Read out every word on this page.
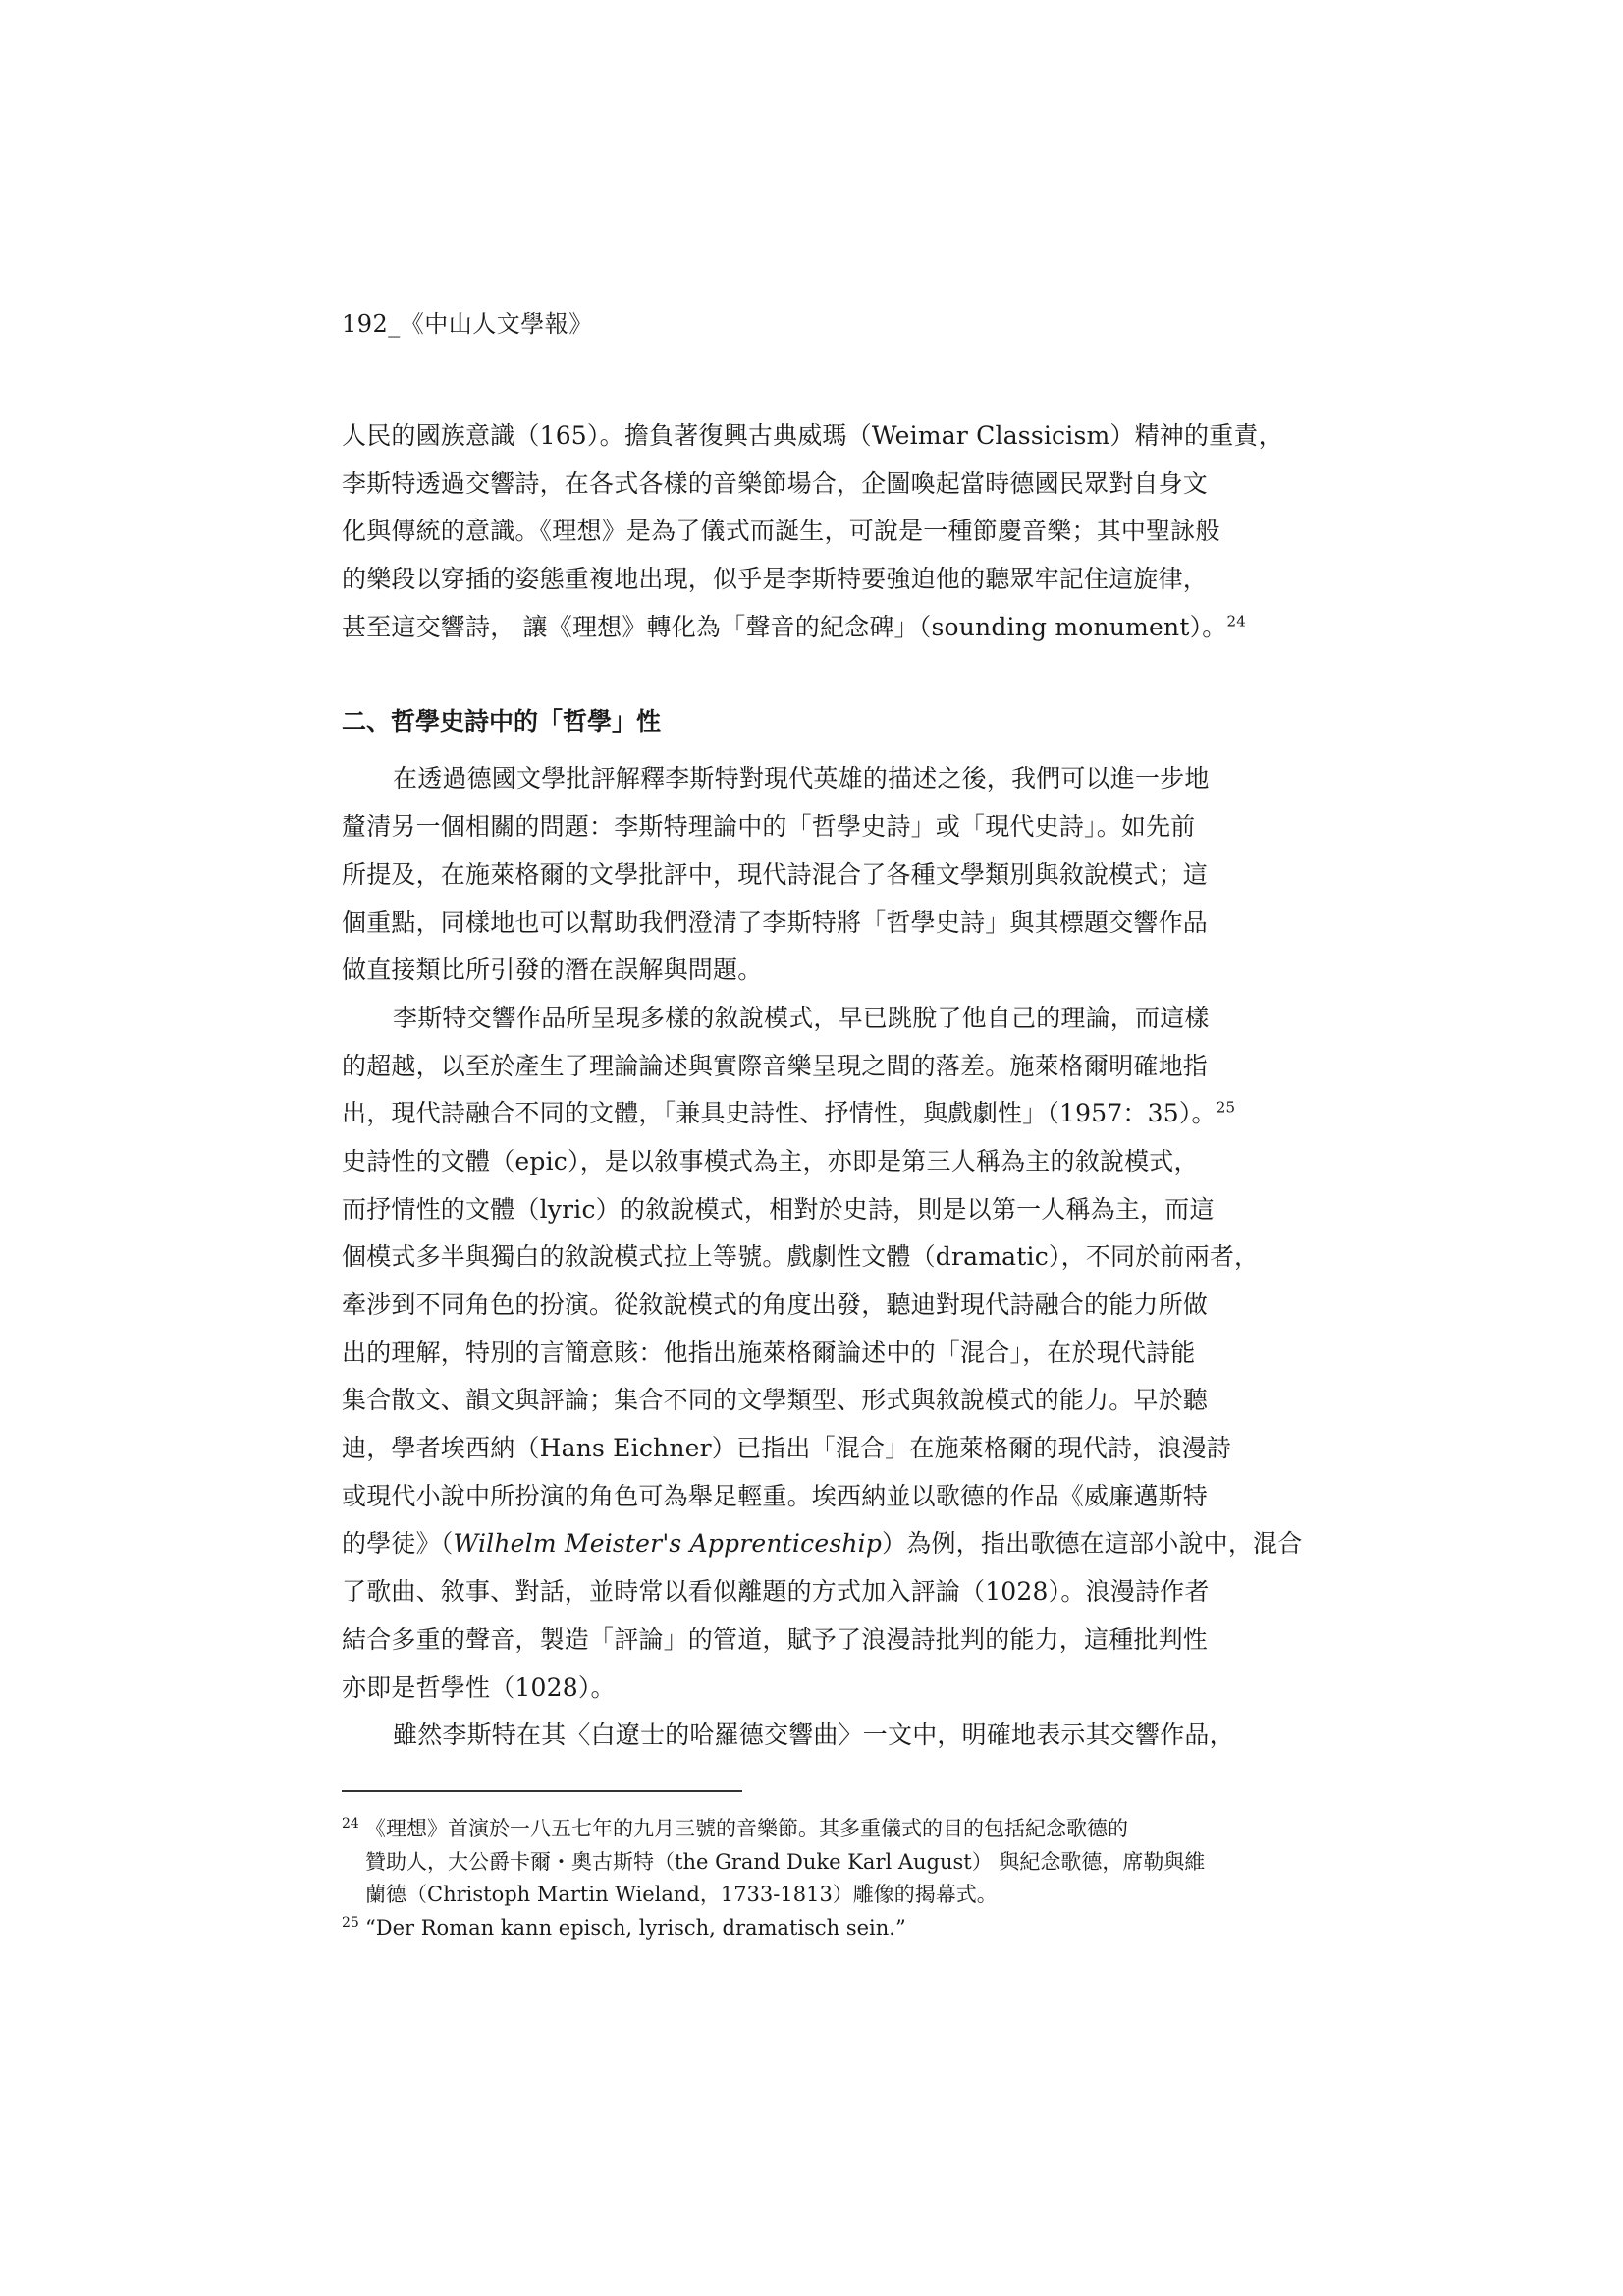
192_《中山人文學報》
人民的國族意識（165）。擔負著復興古典威瑪（Weimar Classicism）精神的重責，
李斯特透過交響詩，在各式各樣的音樂節場合，企圖喚起當時德國民眾對自身文
化與傳統的意識。《理想》是為了儀式而誕生，可說是一種節慶音樂；其中聖詠般
的樂段以穿插的姿態重複地出現，似乎是李斯特要強迫他的聽眾牢記住這旋律，
甚至這交響詩， 讓《理想》轉化為「聲音的紀念碑」（sounding monument）。$^{24}$
二、哲學史詩中的「哲學」性
在透過德國文學批評解釋李斯特對現代英雄的描述之後，我們可以進一步地
釐清另一個相關的問題：李斯特理論中的「哲學史詩」或「現代史詩」。如先前
所提及，在施萊格爾的文學批評中，現代詩混合了各種文學類別與敘說模式；這
個重點，同樣地也可以幫助我們澄清了李斯特將「哲學史詩」與其標題交響作品
做直接類比所引發的潛在誤解與問題。
李斯特交響作品所呈現多樣的敘說模式，早已跳脫了他自己的理論，而這樣
的超越，以至於產生了理論論述與實際音樂呈現之間的落差。施萊格爾明確地指
出，現代詩融合不同的文體，「兼具史詩性、抒情性，與戲劇性」（1957：35）。$^{25}$
史詩性的文體（epic），是以敘事模式為主，亦即是第三人稱為主的敘說模式，
而抒情性的文體（lyric）的敘說模式，相對於史詩，則是以第一人稱為主，而這
個模式多半與獨白的敘說模式拉上等號。戲劇性文體（dramatic），不同於前兩者，
牽涉到不同角色的扮演。從敘說模式的角度出發，聽迪對現代詩融合的能力所做
出的理解，特別的言簡意賅：他指出施萊格爾論述中的「混合」，在於現代詩能
集合散文、韻文與評論；集合不同的文學類型、形式與敘說模式的能力。早於聽
迪，學者埃西納（Hans Eichner）已指出「混合」在施萊格爾的現代詩，浪漫詩
或現代小說中所扮演的角色可為舉足輕重。埃西納並以歌德的作品《威廉邁斯特
的學徒》（Wilhelm Meister's Apprenticeship）為例，指出歌德在這部小說中，混合
了歌曲、敘事、對話，並時常以看似離題的方式加入評論（1028）。浪漫詩作者
結合多重的聲音，製造「評論」的管道，賦予了浪漫詩批判的能力，這種批判性
亦即是哲學性（1028）。
雖然李斯特在其〈白遼士的哈羅德交響曲〉一文中，明確地表示其交響作品，
24 《理想》首演於一八五七年的九月三號的音樂節。其多重儀式的目的包括紀念歌德的
贊助人，大公爵卡爾・奧古斯特（the Grand Duke Karl August） 與紀念歌德，席勒與維
蘭德（Christoph Martin Wieland，1733-1813）雕像的揭幕式。
25 “Der Roman kann episch, lyrisch, dramatisch sein.”
